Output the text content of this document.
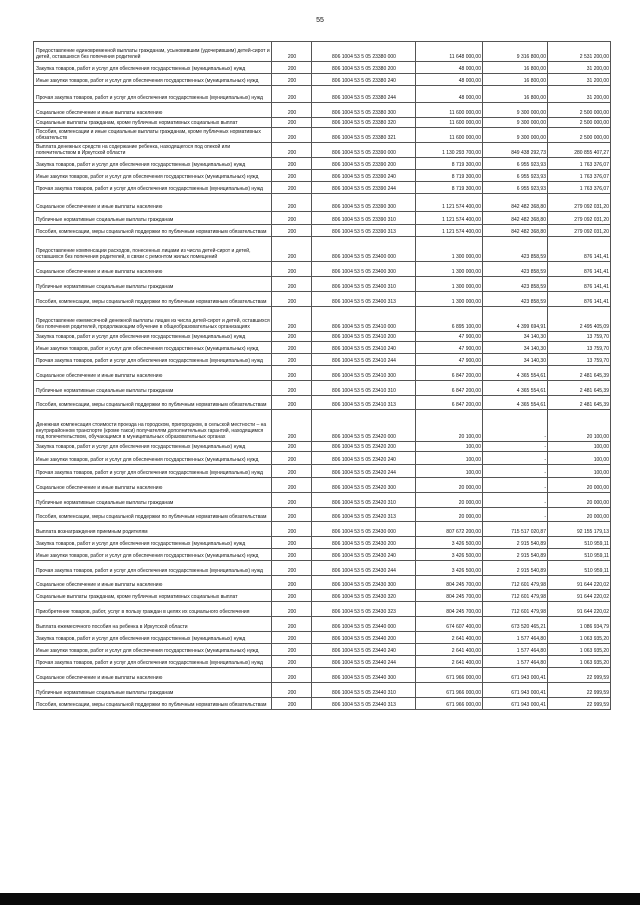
55
Предоставление единовременной выплаты гражданам, усыновившим (удочерившим) детей-сирот и детей, оставшихся без попечения родителей	200	806 1004 53 5 05 23380 000	11 648 000,00	9 316 800,00	2 531 200,00
Закупка товаров, работ и услуг для обеспечения государственных (муниципальных) нужд	200	806 1004 53 5 05 23380 200	48 000,00	16 800,00	31 200,00
Иные закупки товаров, работ и услуг для обеспечения государственных (муниципальных) нужд	200	806 1004 53 5 05 23380 240	48 000,00	16 800,00	31 200,00
Прочая закупка товаров, работ и услуг для обеспечения государственных (муниципальных) нужд	200	806 1004 53 5 05 23380 244	48 000,00	16 800,00	31 200,00
Социальное обеспечение и иные выплаты населению	200	806 1004 53 5 05 23380 300	11 600 000,00	9 300 000,00	2 500 000,00
Социальные выплаты гражданам, кроме публичных нормативных социальных выплат	200	806 1004 53 5 05 23380 320	11 600 000,00	9 300 000,00	2 500 000,00
Пособия, компенсации и иные социальные выплаты гражданам, кроме публичных нормативных обязательств	200	806 1004 53 5 05 23380 321	11 600 000,00	9 300 000,00	2 500 000,00
Выплата денежных средств на содержание ребенка, находящегося под опекой или попечительством в Иркутской области	200	806 1004 53 5 05 23390 000	1 130 293 700,00	849 438 292,73	280 855 407,27
Закупка товаров, работ и услуг для обеспечения государственных (муниципальных) нужд	200	806 1004 53 5 05 23390 200	8 719 300,00	6 955 923,93	1 763 376,07
Иные закупки товаров, работ и услуг для обеспечения государственных (муниципальных) нужд	200	806 1004 53 5 05 23390 240	8 719 300,00	6 955 923,93	1 763 376,07
Прочая закупка товаров, работ и услуг для обеспечения государственных (муниципальных) нужд	200	806 1004 53 5 05 23390 244	8 719 300,00	6 955 923,93	1 763 376,07
Социальное обеспечение и иные выплаты населению	200	806 1004 53 5 05 23390 300	1 121 574 400,00	842 482 368,80	279 092 031,20
Публичные нормативные социальные выплаты гражданам	200	806 1004 53 5 05 23390 310	1 121 574 400,00	842 482 368,80	279 092 031,20
Пособия, компенсации, меры социальной поддержки по публичным нормативным обязательствам	200	806 1004 53 5 05 23390 313	1 121 574 400,00	842 482 368,80	279 092 031,20
Предоставление компенсации расходов, понесенных лицами из числа детей-сирот и детей, оставшихся без попечения родителей, в связи с ремонтом жилых помещений	200	806 1004 53 5 05 23400 000	1 300 000,00	423 858,59	876 141,41
Социальное обеспечение и иные выплаты населению	200	806 1004 53 5 05 23400 300	1 300 000,00	423 858,59	876 141,41
Публичные нормативные социальные выплаты гражданам	200	806 1004 53 5 05 23400 310	1 300 000,00	423 858,59	876 141,41
Пособия, компенсации, меры социальной поддержки по публичным нормативным обязательствам	200	806 1004 53 5 05 23400 313	1 300 000,00	423 858,59	876 141,41
Предоставление ежемесячной денежной выплаты лицам из числа детей-сирот и детей, оставшихся без попечения родителей, продолжающим обучение в общеобразовательных организациях	200	806 1004 53 5 05 23410 000	6 895 100,00	4 399 694,91	2 495 405,09
Закупка товаров, работ и услуг для обеспечения государственных (муниципальных) нужд	200	806 1004 53 5 05 23410 200	47 900,00	34 140,30	13 759,70
Иные закупки товаров, работ и услуг для обеспечения государственных (муниципальных) нужд	200	806 1004 53 5 05 23410 240	47 900,00	34 140,30	13 759,70
Прочая закупка товаров, работ и услуг для обеспечения государственных (муниципальных) нужд	200	806 1004 53 5 05 23410 244	47 900,00	34 140,30	13 759,70
Социальное обеспечение и иные выплаты населению	200	806 1004 53 5 05 23410 300	6 847 200,00	4 365 554,61	2 481 645,39
Публичные нормативные социальные выплаты гражданам	200	806 1004 53 5 05 23410 310	6 847 200,00	4 365 554,61	2 481 645,39
Пособия, компенсации, меры социальной поддержки по публичным нормативным обязательствам	200	806 1004 53 5 05 23410 313	6 847 200,00	4 365 554,61	2 481 645,39
Денежная компенсация стоимости проезда на городском, пригородном, в сельской местности – на внутрирайонном транспорте (кроме такси) получателям дополнительных гарантий, находящимся под попечительством, обучающимся в муниципальных образовательных органах	200	806 1004 53 5 05 23420 000	20 100,00	-	20 100,00
Закупка товаров, работ и услуг для обеспечения государственных (муниципальных) нужд	200	806 1004 53 5 05 23420 200	100,00	-	100,00
Иные закупки товаров, работ и услуг для обеспечения государственных (муниципальных) нужд	200	806 1004 53 5 05 23420 240	100,00	-	100,00
Прочая закупка товаров, работ и услуг для обеспечения государственных (муниципальных) нужд	200	806 1004 53 5 05 23420 244	100,00	-	100,00
Социальное обеспечение и иные выплаты населению	200	806 1004 53 5 05 23420 300	20 000,00	-	20 000,00
Публичные нормативные социальные выплаты гражданам	200	806 1004 53 5 05 23420 310	20 000,00	-	20 000,00
Пособия, компенсации, меры социальной поддержки по публичным нормативным обязательствам	200	806 1004 53 5 05 23420 313	20 000,00	-	20 000,00
Выплата вознаграждения приемным родителям	200	806 1004 53 5 05 23430 000	807 672 200,00	715 517 020,87	92 155 179,13
Закупка товаров, работ и услуг для обеспечения государственных (муниципальных) нужд	200	806 1004 53 5 05 23430 200	3 426 500,00	2 915 540,89	510 959,11
Иные закупки товаров, работ и услуг для обеспечения государственных (муниципальных) нужд	200	806 1004 53 5 05 23430 240	3 426 500,00	2 915 540,89	510 959,11
Прочая закупка товаров, работ и услуг для обеспечения государственных (муниципальных) нужд	200	806 1004 53 5 05 23430 244	3 426 500,00	2 915 540,89	510 959,11
Социальное обеспечение и иные выплаты населению	200	806 1004 53 5 05 23430 300	804 245 700,00	712 601 479,98	91 644 220,02
Социальные выплаты гражданам, кроме публичных нормативных социальных выплат	200	806 1004 53 5 05 23430 320	804 245 700,00	712 601 479,98	91 644 220,02
Приобретение товаров, работ, услуг в пользу граждан в целях их социального обеспечения	200	806 1004 53 5 05 23430 323	804 245 700,00	712 601 479,98	91 644 220,02
Выплата ежемесячного пособия на ребенка в Иркутской области	200	806 1004 53 5 05 23440 000	674 607 400,00	673 520 465,21	1 086 934,79
Закупка товаров, работ и услуг для обеспечения государственных (муниципальных) нужд	200	806 1004 53 5 05 23440 200	2 641 400,00	1 577 464,80	1 063 935,20
Иные закупки товаров, работ и услуг для обеспечения государственных (муниципальных) нужд	200	806 1004 53 5 05 23440 240	2 641 400,00	1 577 464,80	1 063 935,20
Прочая закупка товаров, работ и услуг для обеспечения государственных (муниципальных) нужд	200	806 1004 53 5 05 23440 244	2 641 400,00	1 577 464,80	1 063 935,20
Социальное обеспечение и иные выплаты населению	200	806 1004 53 5 05 23440 300	671 966 000,00	671 943 000,41	22 999,59
Публичные нормативные социальные выплаты гражданам	200	806 1004 53 5 05 23440 310	671 966 000,00	671 943 000,41	22 999,59
Пособия, компенсации, меры социальной поддержки по публичным нормативным обязательствам	200	806 1004 53 5 05 23440 313	671 966 000,00	671 943 000,41	22 999,59
